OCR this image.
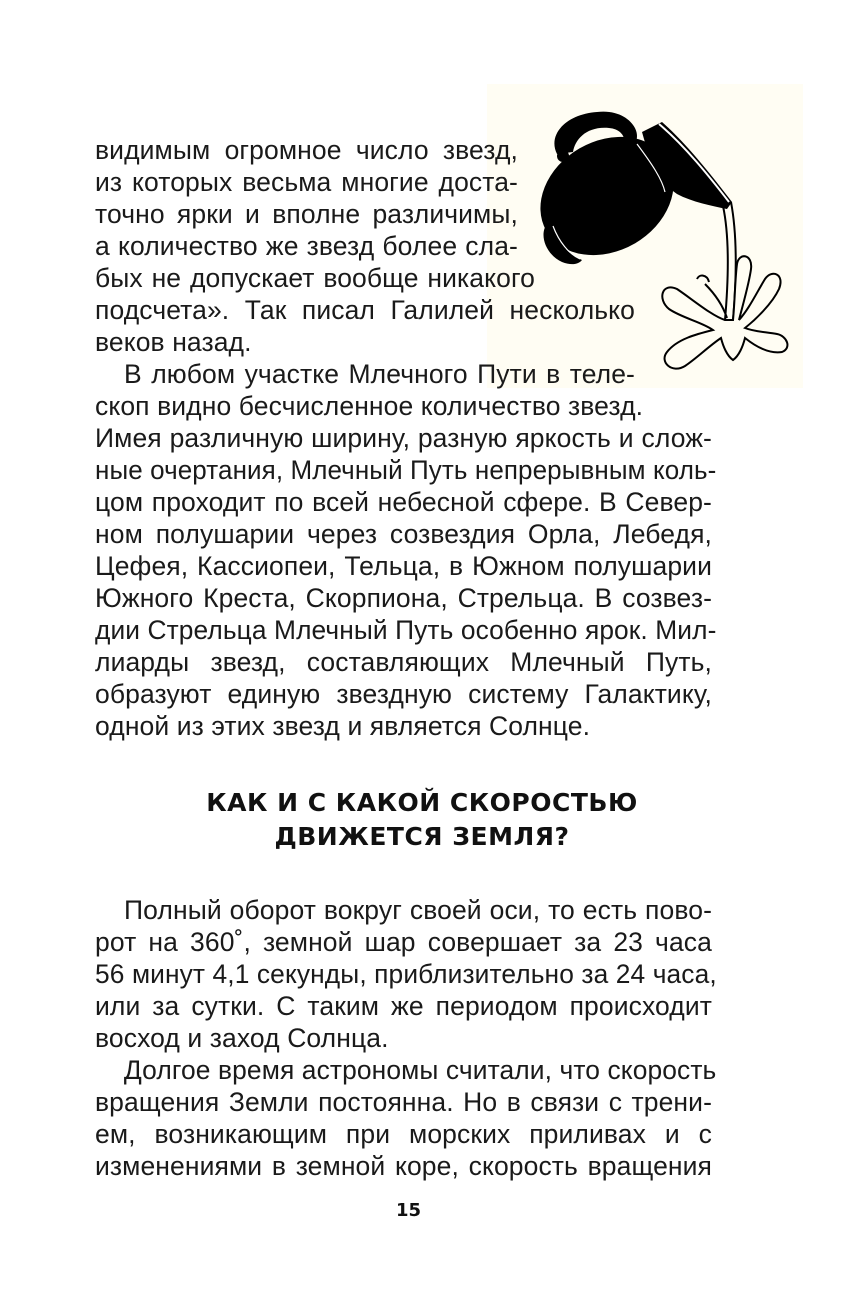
видимым огромное число звезд,
из которых весьма многие доста-
точно ярки и вполне различимы,
а количество же звезд более сла-
бых не допускает вообще никакого
подсчета». Так писал Галилей несколько
веков назад.
В любом участке Млечного Пути в теле-
скоп видно бесчисленное количество звезд.
Имея различную ширину, разную яркость и слож-
ные очертания, Млечный Путь непрерывным коль-
цом проходит по всей небесной сфере. В Север-
ном полушарии через созвездия Орла, Лебедя,
Цефея, Кассиопеи, Тельца, в Южном полушарии
Южного Креста, Скорпиона, Стрельца. В созвез-
дии Стрельца Млечный Путь особенно ярок. Мил-
лиарды звезд, составляющих Млечный Путь,
образуют единую звездную систему Галактику,
одной из этих звезд и является Солнце.
КАК И С КАКОЙ СКОРОСТЬЮ
ДВИЖЕТСЯ ЗЕМЛЯ?
Полный оборот вокруг своей оси, то есть пово-
рот на 360˚, земной шар совершает за 23 часа
56 минут 4,1 секунды, приблизительно за 24 часа,
или за сутки. С таким же периодом происходит
восход и заход Солнца.
Долгое время астрономы считали, что скорость
вращения Земли постоянна. Но в связи с трени-
ем, возникающим при морских приливах и с
изменениями в земной коре, скорость вращения
15
